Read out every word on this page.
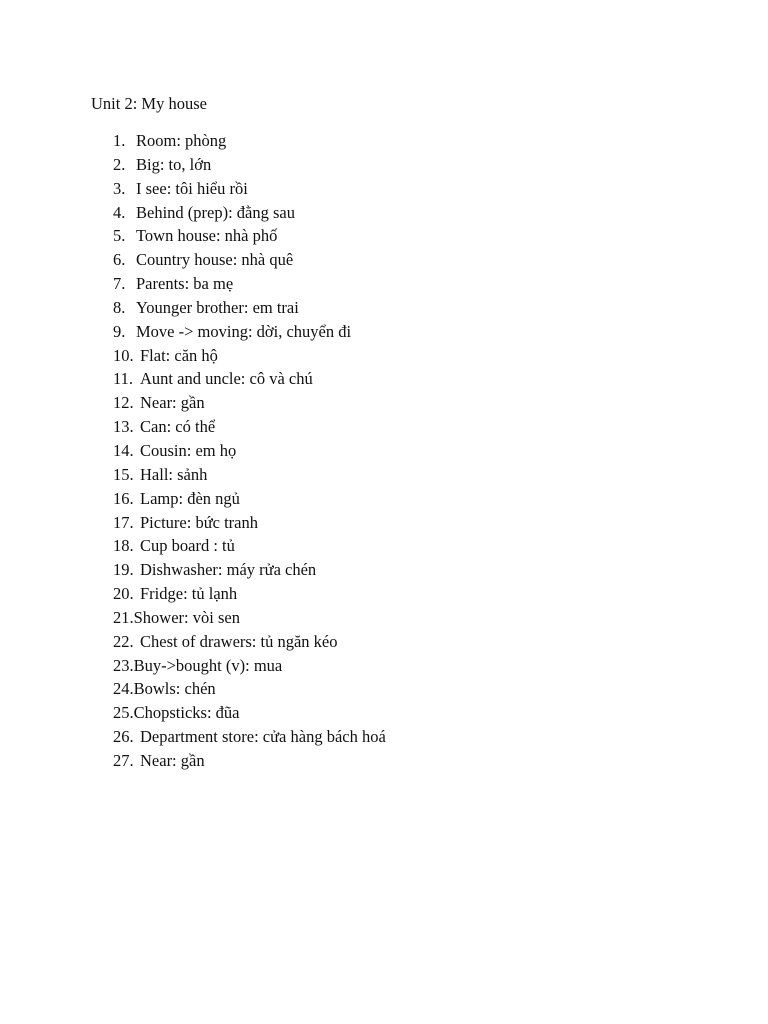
Unit 2: My house
1. Room: phòng
2. Big: to, lớn
3. I see: tôi hiểu rồi
4. Behind (prep): đằng sau
5. Town house: nhà phố
6. Country house: nhà quê
7. Parents: ba mẹ
8. Younger brother: em trai
9. Move -> moving: dời, chuyển đi
10. Flat: căn hộ
11. Aunt and uncle: cô và chú
12. Near: gần
13. Can: có thể
14. Cousin: em họ
15. Hall: sảnh
16. Lamp: đèn ngủ
17. Picture: bức tranh
18. Cup board : tủ
19. Dishwasher: máy rửa chén
20. Fridge: tủ lạnh
21.Shower: vòi sen
22. Chest of drawers: tủ ngăn kéo
23.Buy->bought (v): mua
24.Bowls: chén
25.Chopsticks: đũa
26. Department store: cửa hàng bách hoá
27. Near: gần
